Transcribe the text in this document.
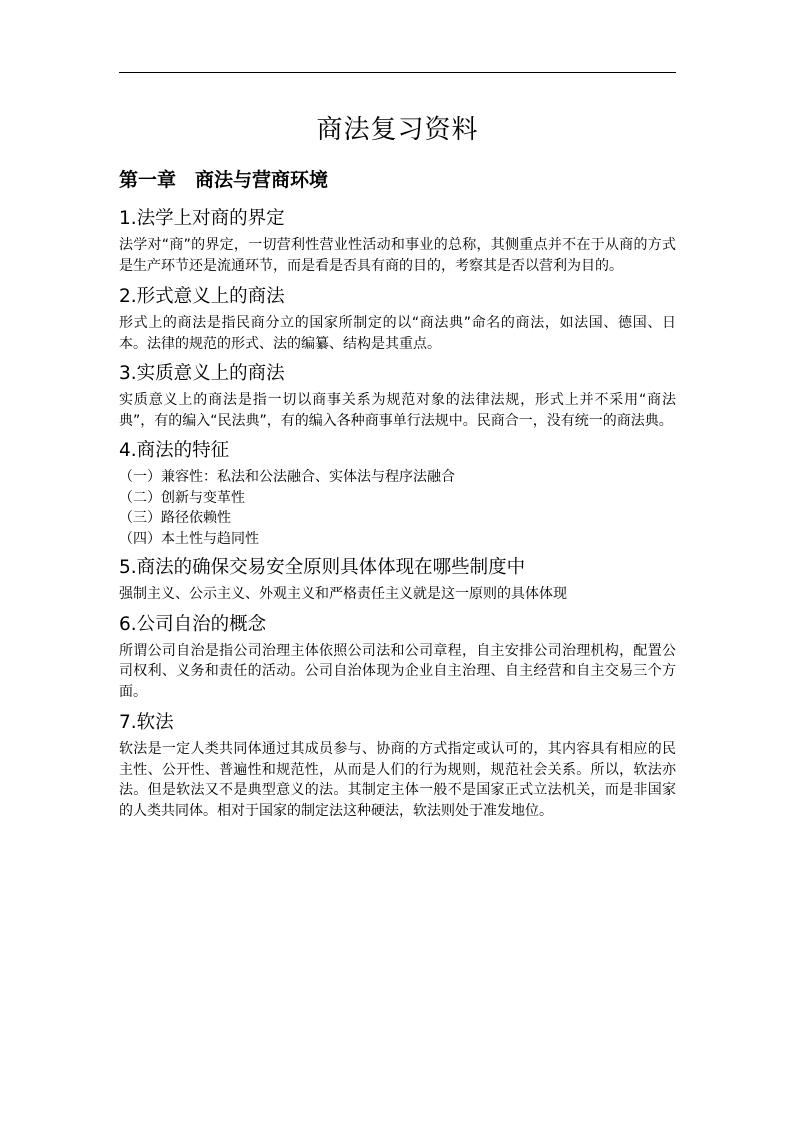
商法复习资料
第一章　商法与营商环境
1.法学上对商的界定

法学对“商”的界定，一切营利性营业性活动和事业的总称，其侧重点并不在于从商的方式是生产环节还是流通环节，而是看是否具有商的目的，考察其是否以营利为目的。

2.形式意义上的商法

形式上的商法是指民商分立的国家所制定的以“商法典”命名的商法，如法国、德国、日本。法律的规范的形式、法的编纂、结构是其重点。

3.实质意义上的商法

实质意义上的商法是指一切以商事关系为规范对象的法律法规，形式上并不采用“商法典”，有的编入“民法典”，有的编入各种商事单行法规中。民商合一，没有统一的商法典。

4.商法的特征
（一）兼容性：私法和公法融合、实体法与程序法融合
（二）创新与变革性
（三）路径依赖性
（四）本土性与趋同性
5.商法的确保交易安全原则具体体现在哪些制度中

强制主义、公示主义、外观主义和严格责任主义就是这一原则的具体体现

6.公司自治的概念

所谓公司自治是指公司治理主体依照公司法和公司章程，自主安排公司治理机构，配置公司权利、义务和责任的活动。公司自治体现为企业自主治理、自主经营和自主交易三个方面。

7.软法

软法是一定人类共同体通过其成员参与、协商的方式指定或认可的，其内容具有相应的民主性、公开性、普遍性和规范性，从而是人们的行为规则，规范社会关系。所以，软法亦法。但是软法又不是典型意义的法。其制定主体一般不是国家正式立法机关，而是非国家的人类共同体。相对于国家的制定法这种硬法，软法则处于准发地位。
